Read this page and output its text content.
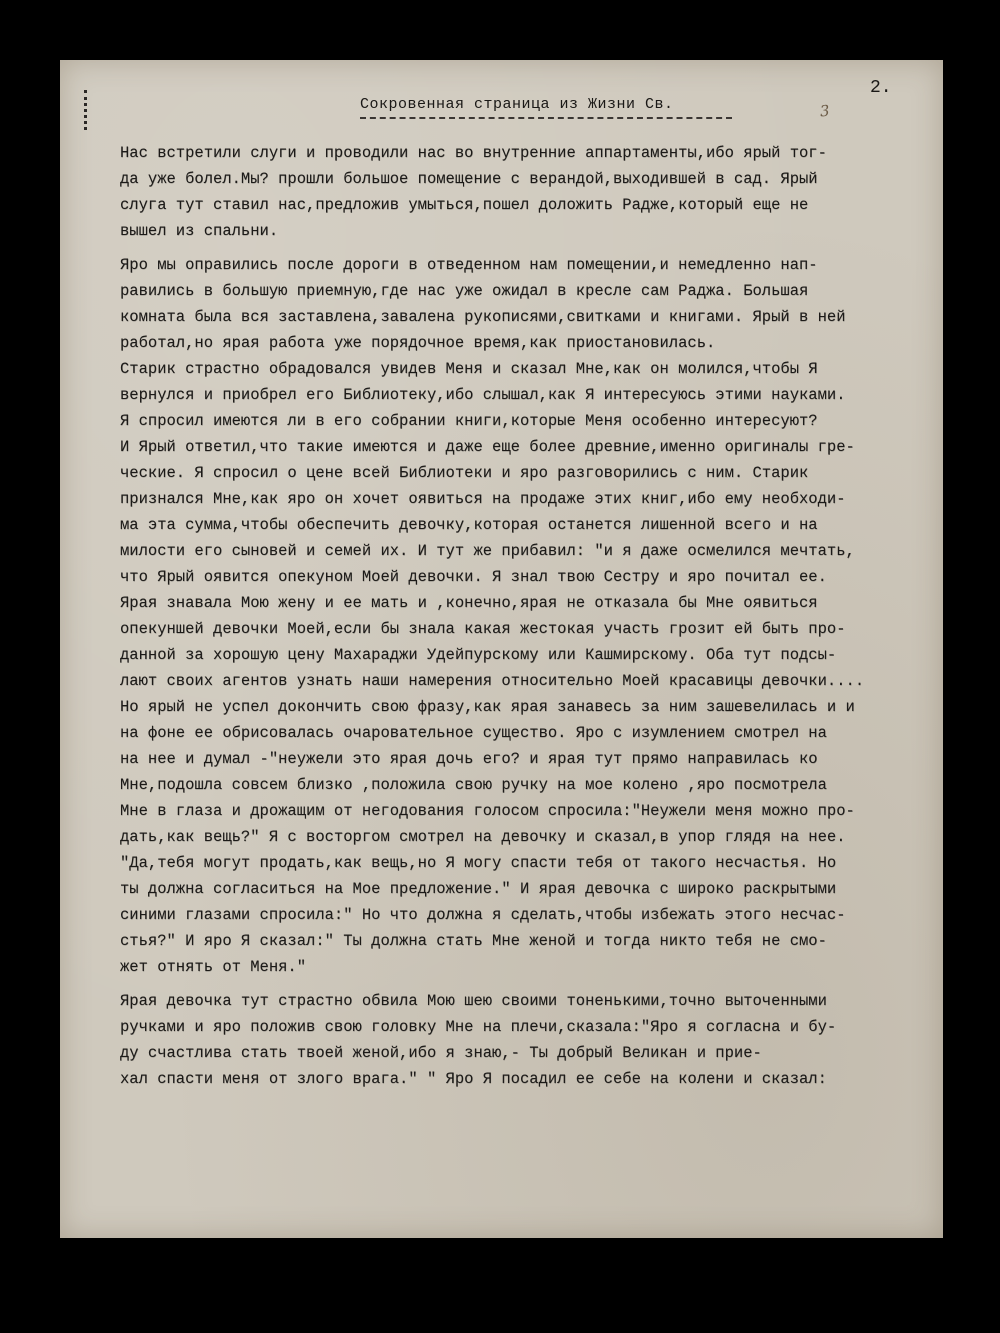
2.
3
Сокровенная страница из Жизни Св.
Нас встретили слуги и проводили нас во внутренние аппартаменты,ибо ярый тог-
да уже болел.Мы? прошли большое помещение с верандой,выходившей в сад. Ярый
слуга тут ставил нас,предложив умыться,пошел доложить Радже,который еще не
вышел из спальни.
Яро мы оправились после дороги в отведенном нам помещении,и немедленно нап-
равились в большую приемную,где нас уже ожидал в кресле сам Раджа. Большая
комната была вся заставлена,завалена рукописями,свитками и книгами. Ярый в ней
работал,но ярая работа уже порядочное время,как приостановилась.
Старик страстно обрадовался увидев Меня и сказал Мне,как он молился,чтобы Я
вернулся и приобрел его Библиотеку,ибо слышал,как Я интересуюсь этими науками.
Я спросил имеются ли в его собрании книги,которые Меня особенно интересуют?
И Ярый ответил,что такие имеются и даже еще более древние,именно оригиналы гре-
ческие. Я спросил о цене всей Библиотеки и яро разговорились с ним. Старик
признался Мне,как яро он хочет оявиться на продаже этих книг,ибо ему необходи-
ма эта сумма,чтобы обеспечить девочку,которая останется лишенной всего и на
милости его сыновей и семей их. И тут же прибавил: "и я даже осмелился мечтать,
что Ярый оявится опекуном Моей девочки. Я знал твою Сестру и яро почитал ее.
Ярая знавала Мою жену и ее мать и ,конечно,ярая не отказала бы Мне оявиться
опекуншей девочки Моей,если бы знала какая жестокая участь грозит ей быть про-
данной за хорошую цену Махараджи Удейпурскому или Кашмирскому. Оба тут подсы-
лают своих агентов узнать наши намерения относительно Моей красавицы девочки....
Но ярый не успел докончить свою фразу,как ярая занавесь за ним зашевелилась и и
на фоне ее обрисовалась очаровательное существо. Яро с изумлением смотрел на
на нее и думал -"неужели это ярая дочь его? и ярая тут прямо направилась ко
Мне,подошла совсем близко ,положила свою ручку на мое колено ,яро посмотрела
Мне в глаза и дрожащим от негодования голосом спросила:"Неужели меня можно про-
дать,как вещь?" Я с восторгом смотрел на девочку и сказал,в упор глядя на нее.
"Да,тебя могут продать,как вещь,но Я могу спасти тебя от такого несчастья. Но
ты должна согласиться на Мое предложение." И ярая девочка с широко раскрытыми
синими глазами спросила:" Но что должна я сделать,чтобы избежать этого несчас-
стья?" И яро Я сказал:" Ты должна стать Мне женой и тогда никто тебя не смо-
жет отнять от Меня."
Ярая девочка тут страстно обвила Мою шею своими тоненькими,точно выточенными
ручками и яро положив свою головку Мне на плечи,сказала:"Яро я согласна и бу-
ду счастлива стать твоей женой,ибо я знаю,- Ты добрый Великан и прие-
хал спасти меня от злого врага." " Яро Я посадил ее себе на колени и сказал:
